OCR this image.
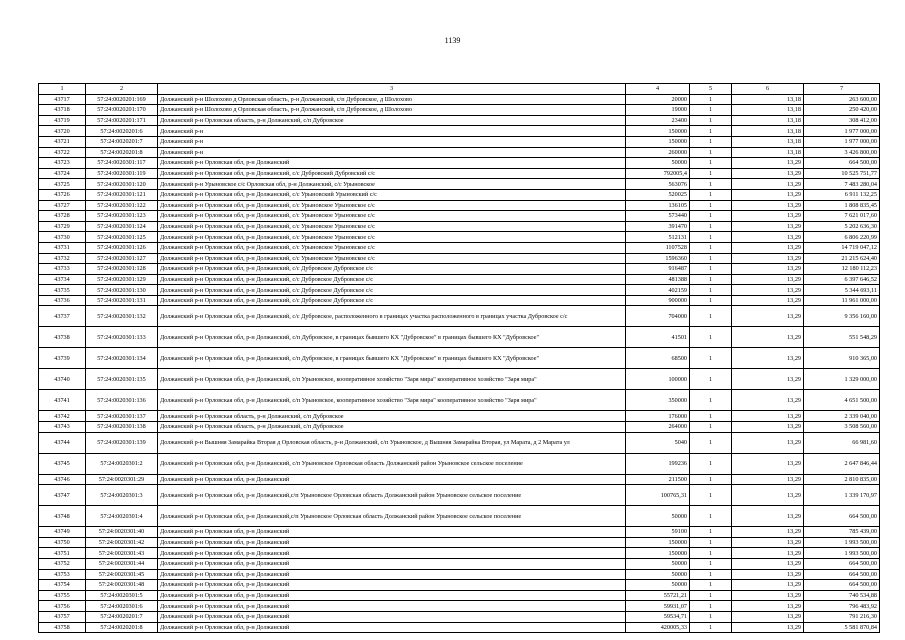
1139
1	2	3	4	5	6	7
43717	57:24:0020201:169	Должанский р-н Шолохово д Орловская область, р-н Должанский, с/п Дубровское, д Шолохово	20000	1	13,18	263 600,00
43718	57:24:0020201:170	Должанский р-н Шолохово д Орловская область, р-н Должанский, с/п Дубровское, д Шолохово	19000	1	13,18	250 420,00
43719	57:24:0020201:171	Должанский р-н Орловская область, р-н Должанский, с/п Дубровское	23400	1	13,18	308 412,00
43720	57:24:0020201:6	Должанский р-н	150000	1	13,18	1 977 000,00
43721	57:24:0020201:7	Должанский р-н	150000	1	13,18	1 977 000,00
43722	57:24:0020201:8	Должанский р-н	260000	1	13,18	3 426 800,00
43723	57:24:0020301:117	Должанский р-н Орловская обл, р-н Должанский	50000	1	13,29	664 500,00
43724	57:24:0020301:119	Должанский р-н Орловская обл, р-н Должанский, с/с Дубровский Дубровский с/с	792005,4	1	13,29	10 525 751,77
43725	57:24:0020301:120	Должанский р-н Урыновское с/с Орловская обл, р-н Должанский, с/с Урыновское	563076	1	13,29	7 483 280,04
43726	57:24:0020301:121	Должанский р-н Орловская обл, р-н Должанский, с/с Урыновский Урыновский с/с	520025	1	13,29	6 911 132,25
43727	57:24:0020301:122	Должанский р-н Орловская обл, р-н Должанский, с/с Урыновское Урыновское с/с	136105	1	13,29	1 808 835,45
43728	57:24:0020301:123	Должанский р-н Орловская обл, р-н Должанский, с/с Урыновское Урыновское с/с	573440	1	13,29	7 621 017,60
43729	57:24:0020301:124	Должанский р-н Орловская обл, р-н Должанский, с/с Урыновское Урыновское с/с	391470	1	13,29	5 202 636,30
43730	57:24:0020301:125	Должанский р-н Орловская обл, р-н Должанский, с/с Урыновское Урыновское с/с	512131	1	13,29	6 806 220,99
43731	57:24:0020301:126	Должанский р-н Орловская обл, р-н Должанский, с/с Урыновское Урыновское с/с	1107528	1	13,29	14 719 047,12
43732	57:24:0020301:127	Должанский р-н Орловская обл, р-н Должанский, с/с Урыновское Урыновское с/с	1596360	1	13,29	21 215 624,40
43733	57:24:0020301:128	Должанский р-н Орловская обл, р-н Должанский, с/с Дубровское Дубровское с/с	916487	1	13,29	12 180 112,23
43734	57:24:0020301:129	Должанский р-н Орловская обл, р-н Должанский, с/с Дубровское Дубровское с/с	481388	1	13,29	6 397 646,52
43735	57:24:0020301:130	Должанский р-н Орловская обл, р-н Должанский, с/с Дубровское Дубровское с/с	402159	1	13,29	5 344 693,11
43736	57:24:0020301:131	Должанский р-н Орловская обл, р-н Должанский, с/с Дубровское Дубровское с/с	900000	1	13,29	11 961 000,00
43737	57:24:0020301:132	Должанский р-н Орловская обл, р-н Должанский, с/с Дубровское, расположенного в границах участка расположенного в границах участка Дубровское с/с	704000	1	13,29	9 356 160,00
43738	57:24:0020301:133	Должанский р-н Орловская обл, р-н Должанский, с/п Дубровское, в границах бывшего КХ "Дубровское" в границах бывшего КХ "Дубровское"	41501	1	13,29	551 548,29
43739	57:24:0020301:134	Должанский р-н Орловская обл, р-н Должанский, с/п Дубровское, в границах бывшего КХ "Дубровское" в границах бывшего КХ "Дубровское"	68500	1	13,29	910 365,00
43740	57:24:0020301:135	Должанский р-н Орловская обл, р-н Должанский, с/п Урыновское, кооперативное хозяйство "Заря мира" кооперативное хозяйство "Заря мира"	100000	1	13,29	1 329 000,00
43741	57:24:0020301:136	Должанский р-н Орловская обл, р-н Должанский, с/п Урыновское, кооперативное хозяйство "Заря мира" кооперативное хозяйство "Заря мира"	350000	1	13,29	4 651 500,00
43742	57:24:0020301:137	Должанский р-н Орловская область, р-н Должанский, с/п Дубровское	176000	1	13,29	2 339 040,00
43743	57:24:0020301:138	Должанский р-н Орловская область, р-н Должанский, с/п Дубровское	264000	1	13,29	3 508 560,00
43744	57:24:0020301:139	Должанский р-н Вышняя Замарайка Вторая д Орловская область, р-н Должанский, с/п Урыновское, д Вышняя Замарайка Вторая, ул Марата, д 2 Марата ул	5040	1	13,29	66 981,60
43745	57:24:0020301:2	Должанский р-н Орловская обл, р-н Должанский, с/п Урыновское Орловская область Должанский район Урыновское сельское поселение	199236	1	13,29	2 647 846,44
43746	57:24:0020301:29	Должанский р-н Орловская обл, р-н Должанский	211500	1	13,29	2 810 835,00
43747	57:24:0020301:3	Должанский р-н Орловская обл, р-н Должанский,с/п Урыновское Орловская область Должанский район Урыновское сельское поселение	100765,31	1	13,29	1 339 170,97
43748	57:24:0020301:4	Должанский р-н Орловская обл, р-н Должанский,с/п Урыновское Орловская область Должанский район Урыновское сельское поселение	50000	1	13,29	664 500,00
43749	57:24:0020301:40	Должанский р-н Орловская обл, р-н Должанский	59100	1	13,29	785 439,00
43750	57:24:0020301:42	Должанский р-н Орловская обл, р-н Должанский	150000	1	13,29	1 993 500,00
43751	57:24:0020301:43	Должанский р-н Орловская обл, р-н Должанский	150000	1	13,29	1 993 500,00
43752	57:24:0020301:44	Должанский р-н Орловская обл, р-н Должанский	50000	1	13,29	664 500,00
43753	57:24:0020301:45	Должанский р-н Орловская обл, р-н Должанский	50000	1	13,29	664 500,00
43754	57:24:0020301:48	Должанский р-н Орловская обл, р-н Должанский	50000	1	13,29	664 500,00
43755	57:24:0020301:5	Должанский р-н Орловская обл, р-н Должанский	55721,21	1	13,29	740 534,88
43756	57:24:0020301:6	Должанский р-н Орловская обл, р-н Должанский	59931,07	1	13,29	796 483,92
43757	57:24:0020201:7	Должанский р-н Орловская обл, р-н Должанский	59534,71	1	13,29	791 216,30
43758	57:24:0020201:8	Должанский р-н Орловская обл, р-н Должанский	420005,33	1	13,29	5 581 870,84
